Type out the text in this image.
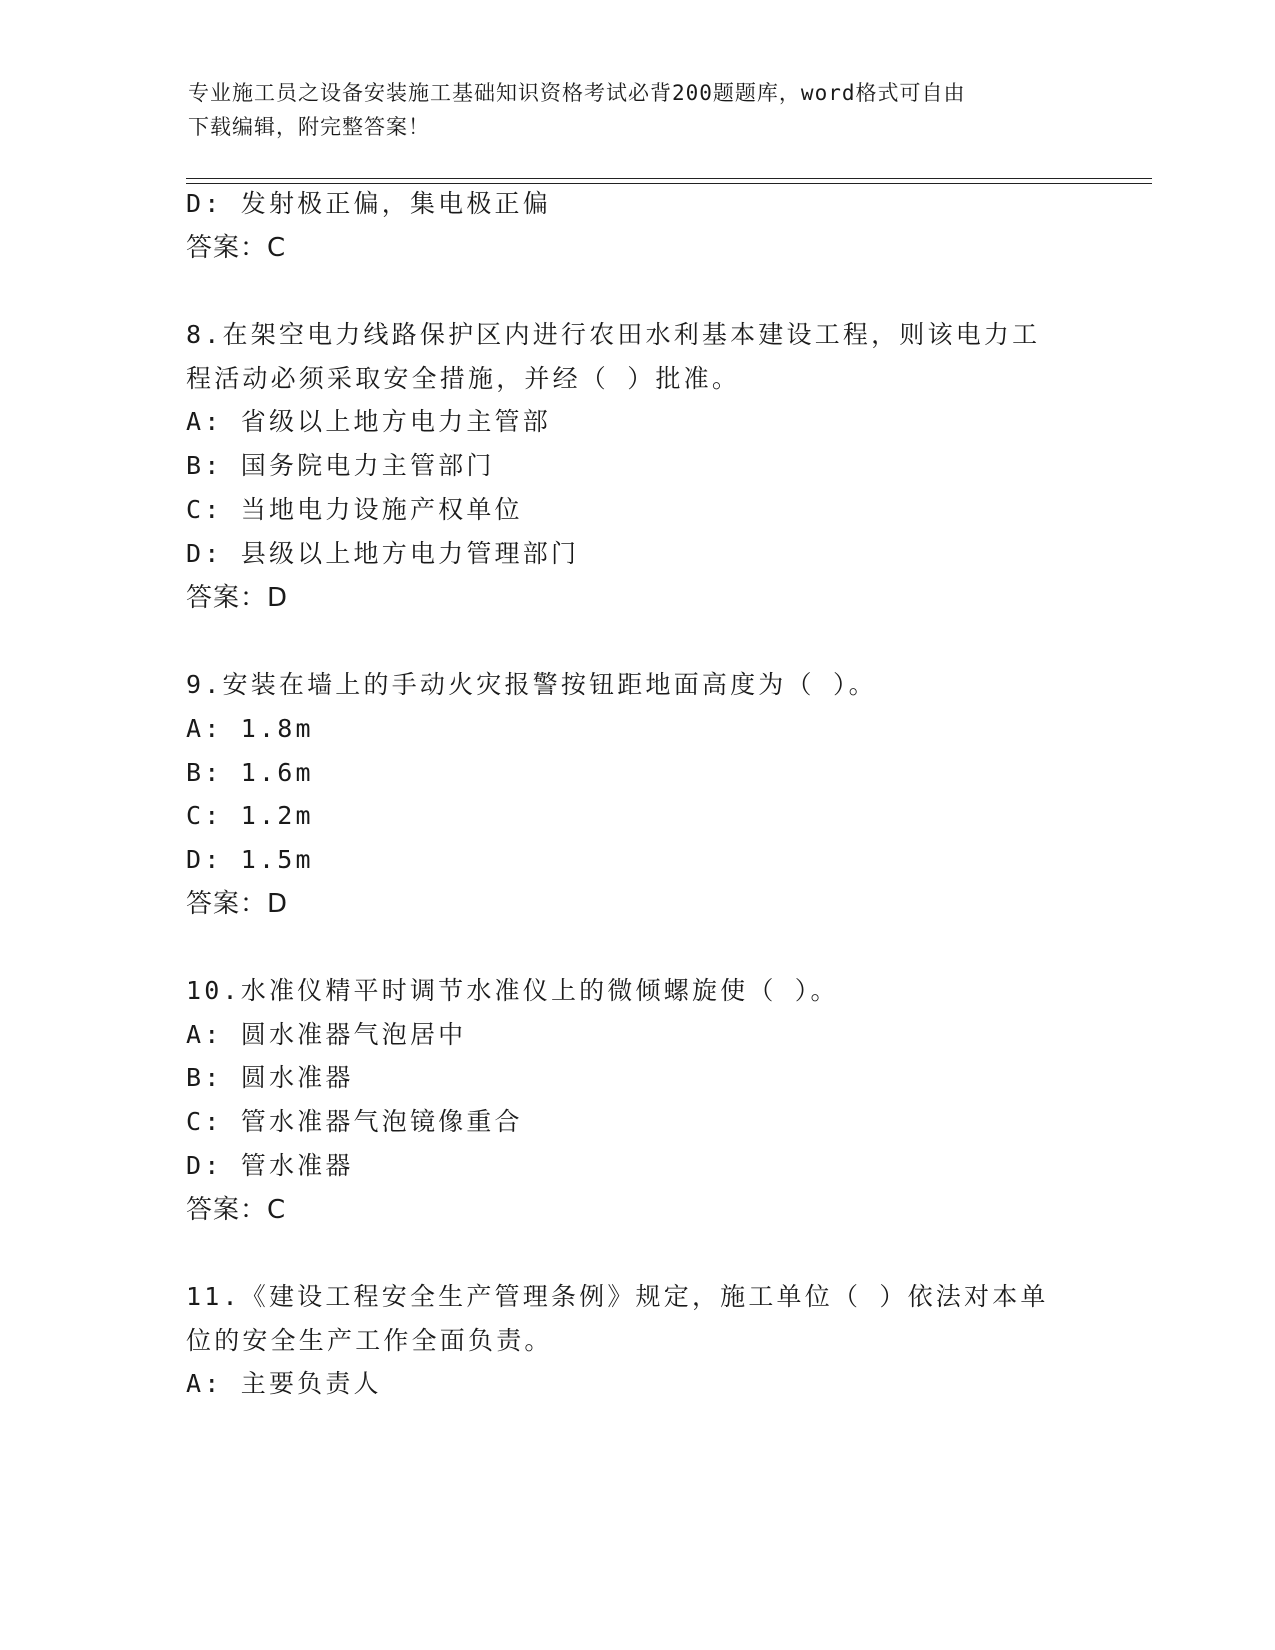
专业施工员之设备安装施工基础知识资格考试必背200题题库，word格式可自由
下载编辑，附完整答案！
D: 发射极正偏，集电极正偏
答案：C
8.在架空电力线路保护区内进行农田水利基本建设工程，则该电力工
程活动必须采取安全措施，并经（ ）批准。
A: 省级以上地方电力主管部
B: 国务院电力主管部门
C: 当地电力设施产权单位
D: 县级以上地方电力管理部门
答案：D
9.安装在墙上的手动火灾报警按钮距地面高度为（ ）。
A: 1.8m
B: 1.6m
C: 1.2m
D: 1.5m
答案：D
10.水准仪精平时调节水准仪上的微倾螺旋使（ ）。
A: 圆水准器气泡居中
B: 圆水准器
C: 管水准器气泡镜像重合
D: 管水准器
答案：C
11.《建设工程安全生产管理条例》规定，施工单位（ ）依法对本单
位的安全生产工作全面负责。
A: 主要负责人
